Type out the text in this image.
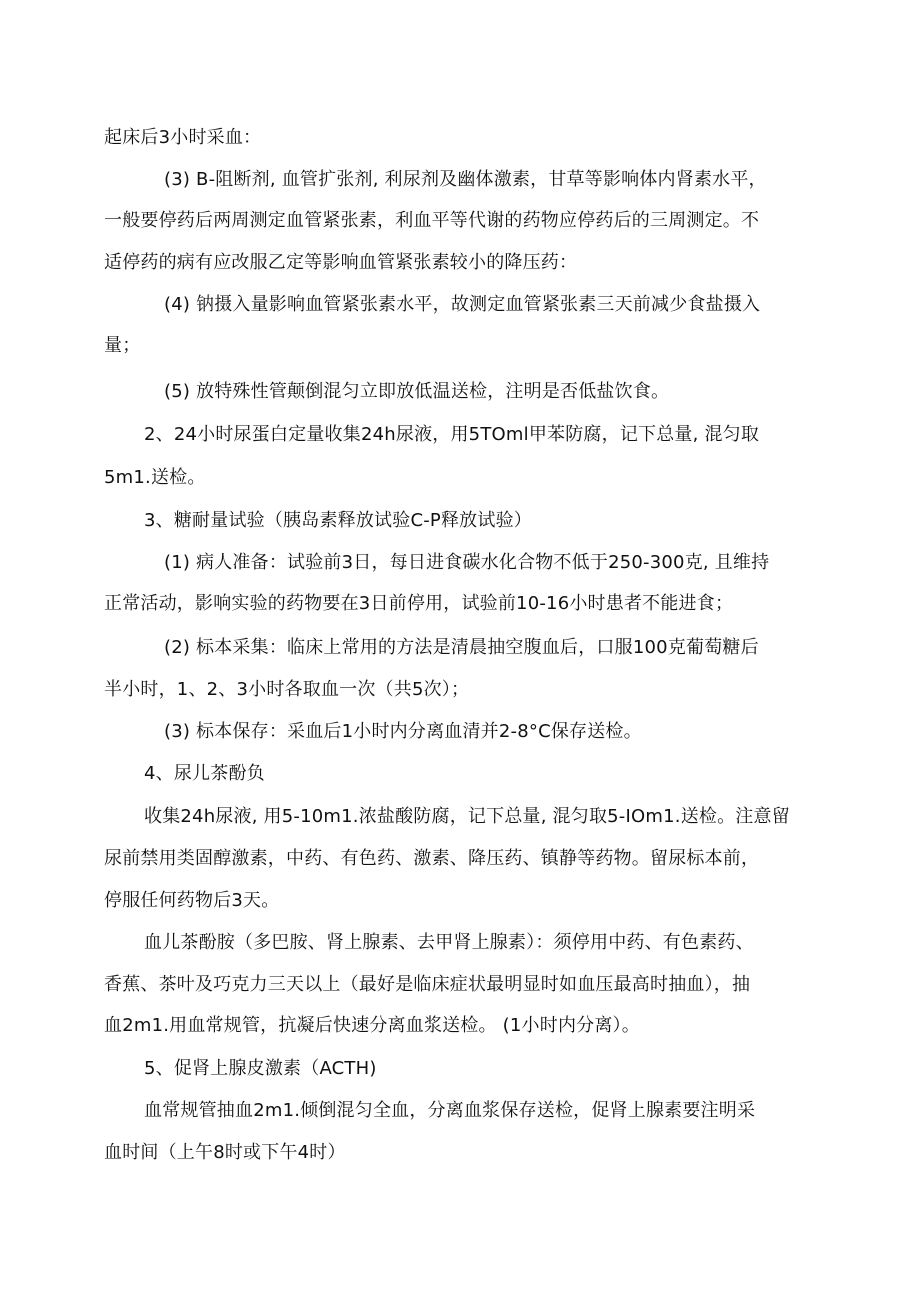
起床后3小时采血：
(3) B-阻断剂, 血管扩张剂, 利尿剂及幽体激素，甘草等影响体内肾素水平，
一般要停药后两周测定血管紧张素，利血平等代谢的药物应停药后的三周测定。不
适停药的病有应改服乙定等影响血管紧张素较小的降压药：
(4) 钠摄入量影响血管紧张素水平，故测定血管紧张素三天前减少食盐摄入
量；
(5) 放特殊性管颠倒混匀立即放低温送检，注明是否低盐饮食。
2、24小时尿蛋白定量收集24h尿液，用5TOml甲苯防腐，记下总量, 混匀取
5m1.送检。
3、糖耐量试验（胰岛素释放试验C-P释放试验）
(1) 病人准备：试验前3日，每日进食碳水化合物不低于250-300克, 且维持
正常活动，影响实验的药物要在3日前停用，试验前10-16小时患者不能进食；
(2) 标本采集：临床上常用的方法是清晨抽空腹血后，口服100克葡萄糖后
半小时，1、2、3小时各取血一次（共5次）；
(3) 标本保存：采血后1小时内分离血清并2-8°C保存送检。
4、尿儿茶酚负
收集24h尿液, 用5-10m1.浓盐酸防腐，记下总量, 混匀取5-IOm1.送检。注意留
尿前禁用类固醇激素，中药、有色药、激素、降压药、镇静等药物。留尿标本前，
停服任何药物后3天。
血儿茶酚胺（多巴胺、肾上腺素、去甲肾上腺素）：须停用中药、有色素药、
香蕉、茶叶及巧克力三天以上（最好是临床症状最明显时如血压最高时抽血），抽
血2m1.用血常规管，抗凝后快速分离血浆送检。 (1小时内分离）。
5、促肾上腺皮激素（ACTH)
血常规管抽血2m1.倾倒混匀全血，分离血浆保存送检，促肾上腺素要注明采
血时间（上午8时或下午4时）
